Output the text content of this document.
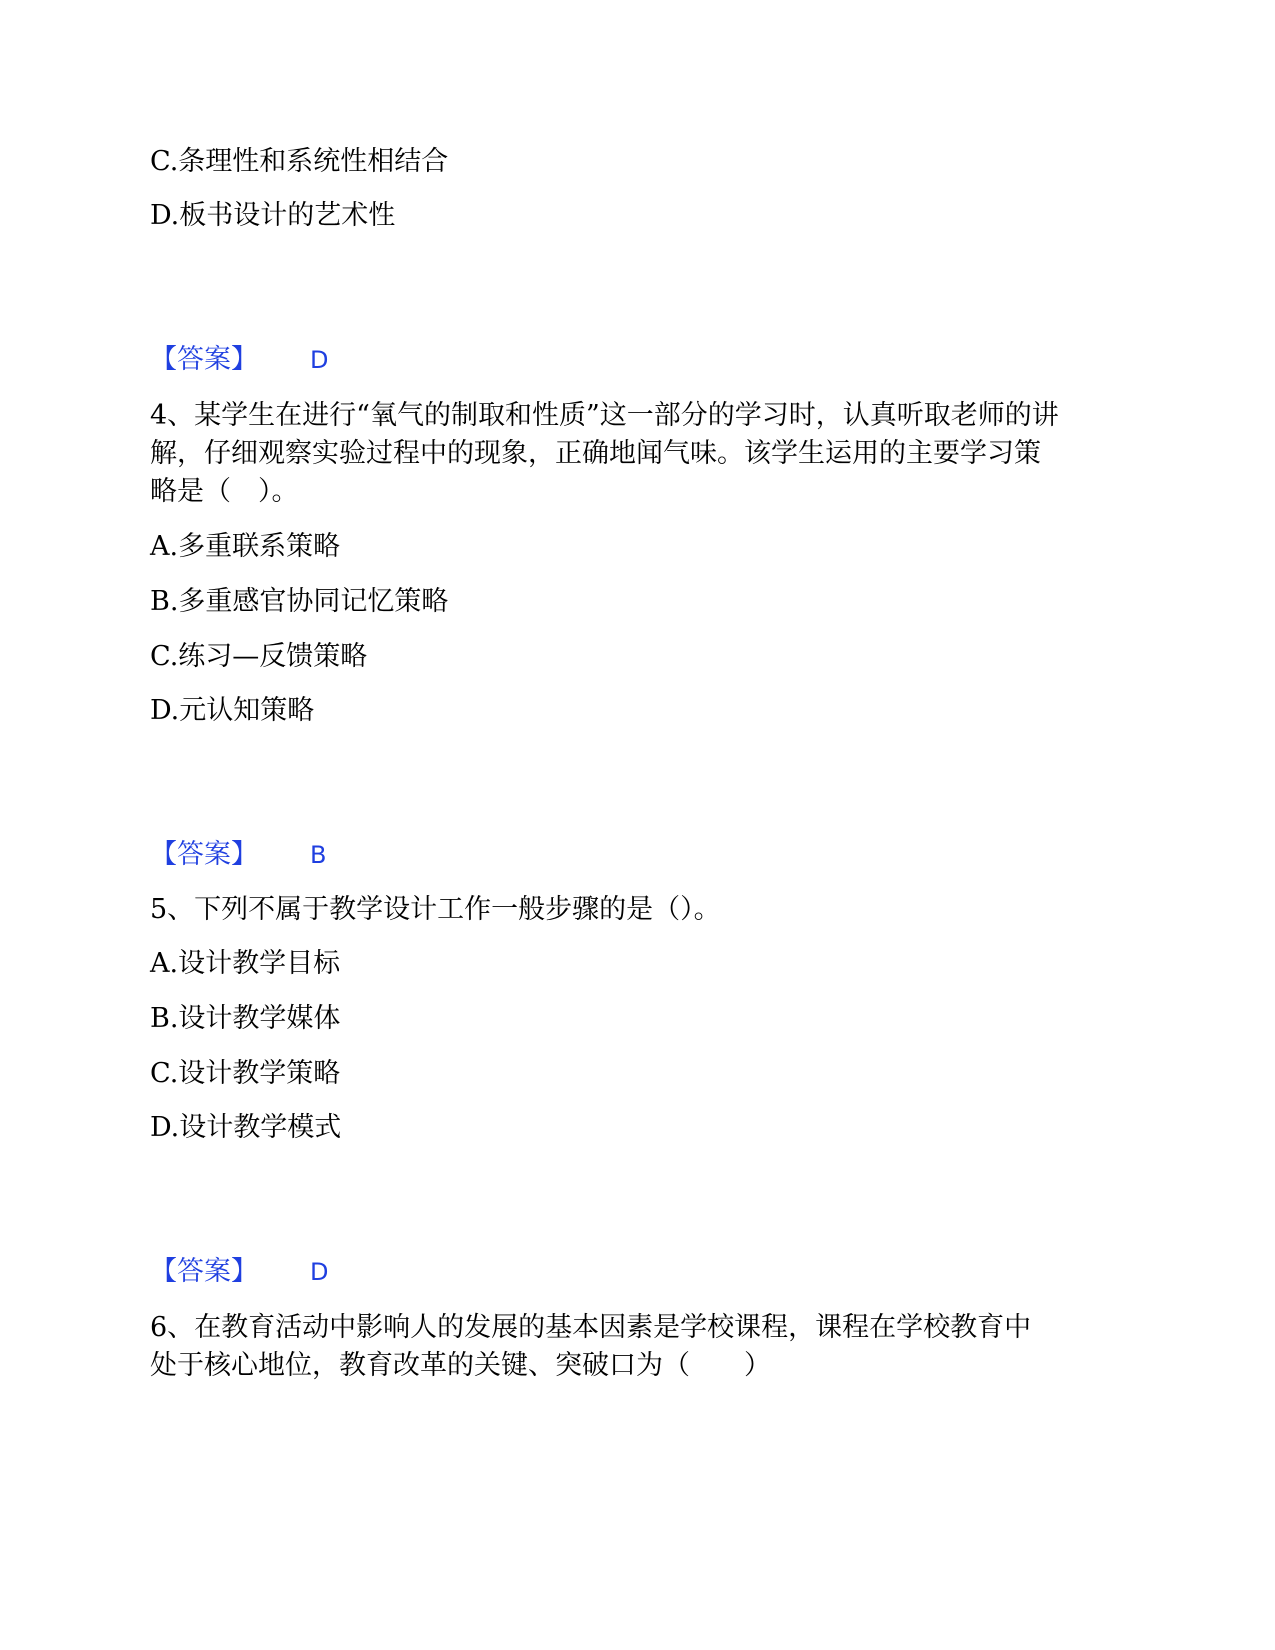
C.条理性和系统性相结合
D.板书设计的艺术性
【答案】 D
4、某学生在进行“氧气的制取和性质”这一部分的学习时，认真听取老师的讲
解，仔细观察实验过程中的现象，正确地闻气味。该学生运用的主要学习策
略是（　）。
A.多重联系策略
B.多重感官协同记忆策略
C.练习—反馈策略
D.元认知策略
【答案】 B
5、下列不属于教学设计工作一般步骤的是（）。
A.设计教学目标
B.设计教学媒体
C.设计教学策略
D.设计教学模式
【答案】 D
6、在教育活动中影响人的发展的基本因素是学校课程，课程在学校教育中
处于核心地位，教育改革的关键、突破口为（　　）
